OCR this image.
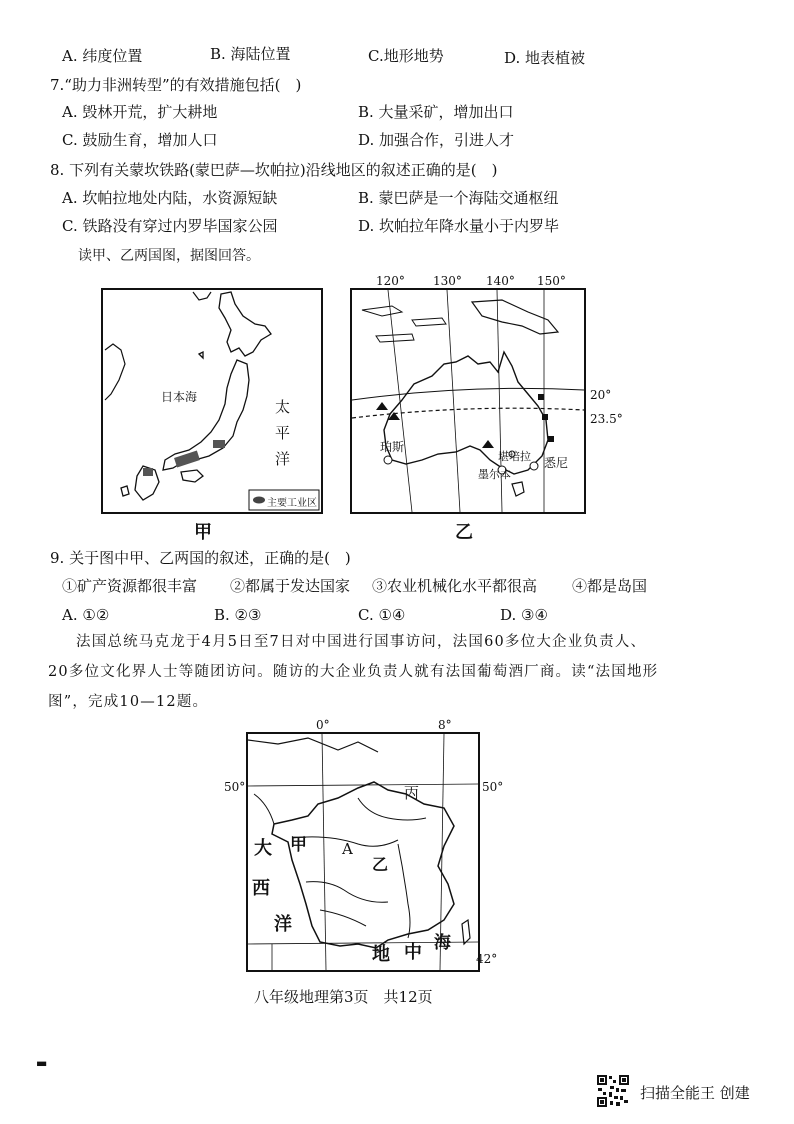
A. 纬度位置	B. 海陆位置	C.地形地势	D. 地表植被
7.“助力非洲转型”的有效措施包括(　)
A. 毁林开荒，扩大耕地	B. 大量采矿，增加出口
C. 鼓励生育，增加人口	D. 加强合作，引进人才
8. 下列有关蒙坎铁路(蒙巴萨—坎帕拉)沿线地区的叙述正确的是(　)
A. 坎帕拉地处内陆，水资源短缺	B. 蒙巴萨是一个海陆交通枢纽
C. 铁路没有穿过内罗毕国家公园	D. 坎帕拉年降水量小于内罗毕
读甲、乙两国图，据图回答。
日本海
太
平
洋
主要工业区
甲
120° 130° 140° 150°
珀斯
墨尔本
悉尼
堪培拉
20°
23.5°
乙
9. 关于图中甲、乙两国的叙述，正确的是(　)
①矿产资源都很丰富 ②都属于发达国家 ③农业机械化水平都很高 ④都是岛国
A. ①②	B. ②③	C. ①④	D. ③④
法国总统马克龙于4月5日至7日对中国进行国事访问，法国60多位大企业负责人、
20多位文化界人士等随团访问。随访的大企业负责人就有法国葡萄酒厂商。读“法国地形
图”，完成10—12题。
0°	8°
50°	丙
甲 A
乙
大
西
洋
地 中 海
50°
42°
八年级地理第3页　共12页
▬
扫描全能王 创建
